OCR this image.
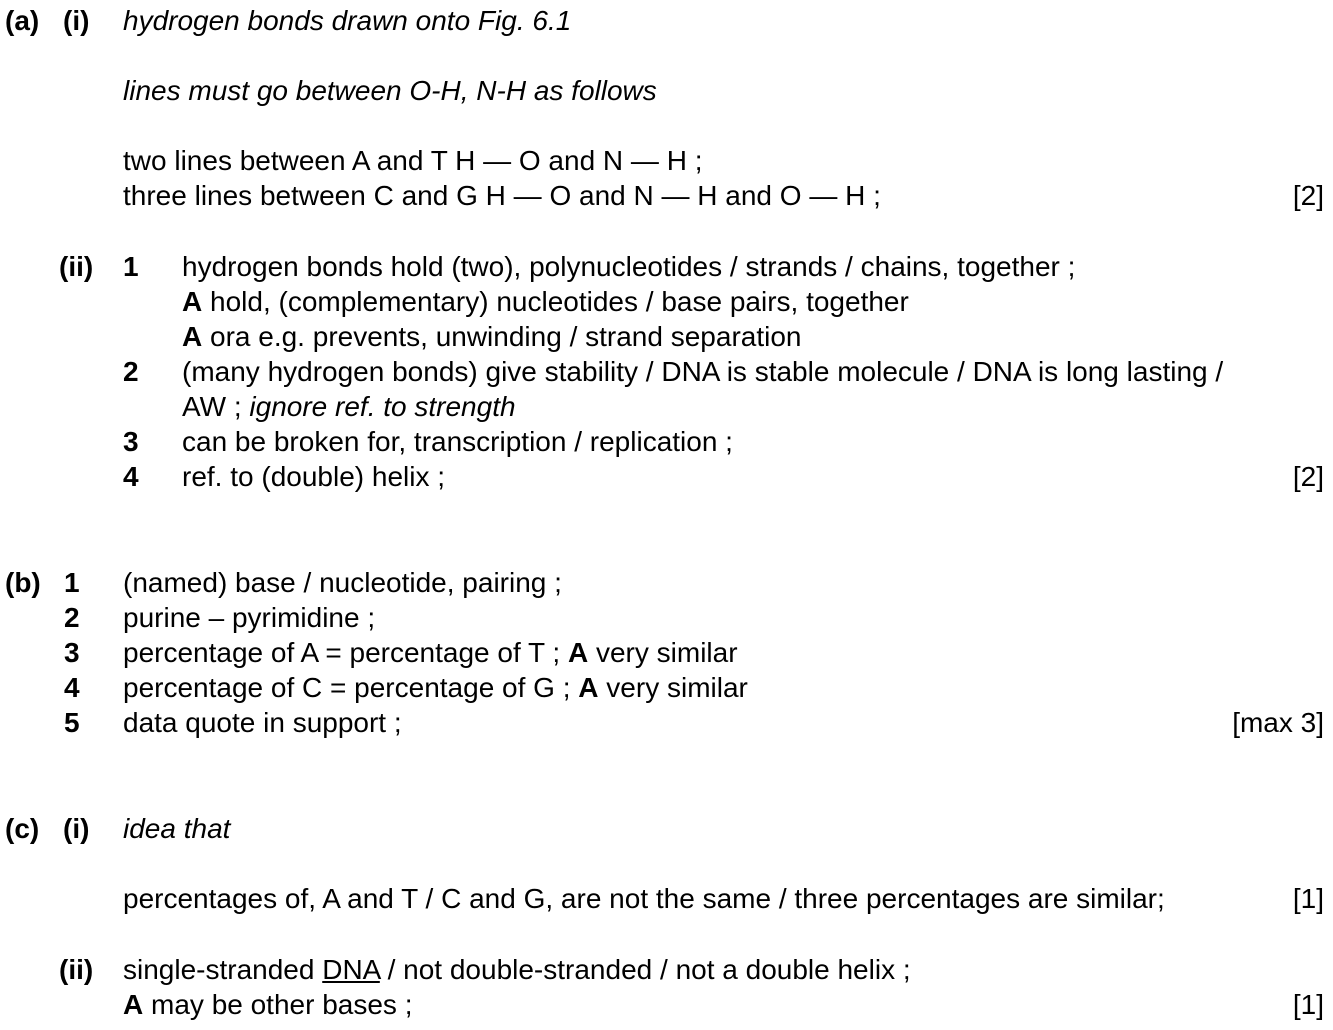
(a) (i) hydrogen bonds drawn onto Fig. 6.1
lines must go between O-H, N-H as follows
two lines between A and T H — O and N — H ;
three lines between C and G H — O and N — H and O — H ;	[2]
(ii) 1 hydrogen bonds hold (two), polynucleotides / strands / chains, together ;
A hold, (complementary) nucleotides / base pairs, together
A ora e.g. prevents, unwinding / strand separation
2 (many hydrogen bonds) give stability / DNA is stable molecule / DNA is long lasting /
AW ; ignore ref. to strength
3 can be broken for, transcription / replication ;
4 ref. to (double) helix ;	[2]
(b) 1 (named) base / nucleotide, pairing ;
2 purine – pyrimidine ;
3 percentage of A = percentage of T ; A very similar
4 percentage of C = percentage of G ; A very similar
5 data quote in support ;	[max 3]
(c) (i) idea that
percentages of, A and T / C and G, are not the same / three percentages are similar;	[1]
(ii) single-stranded DNA / not double-stranded / not a double helix ;
A may be other bases ;	[1]
